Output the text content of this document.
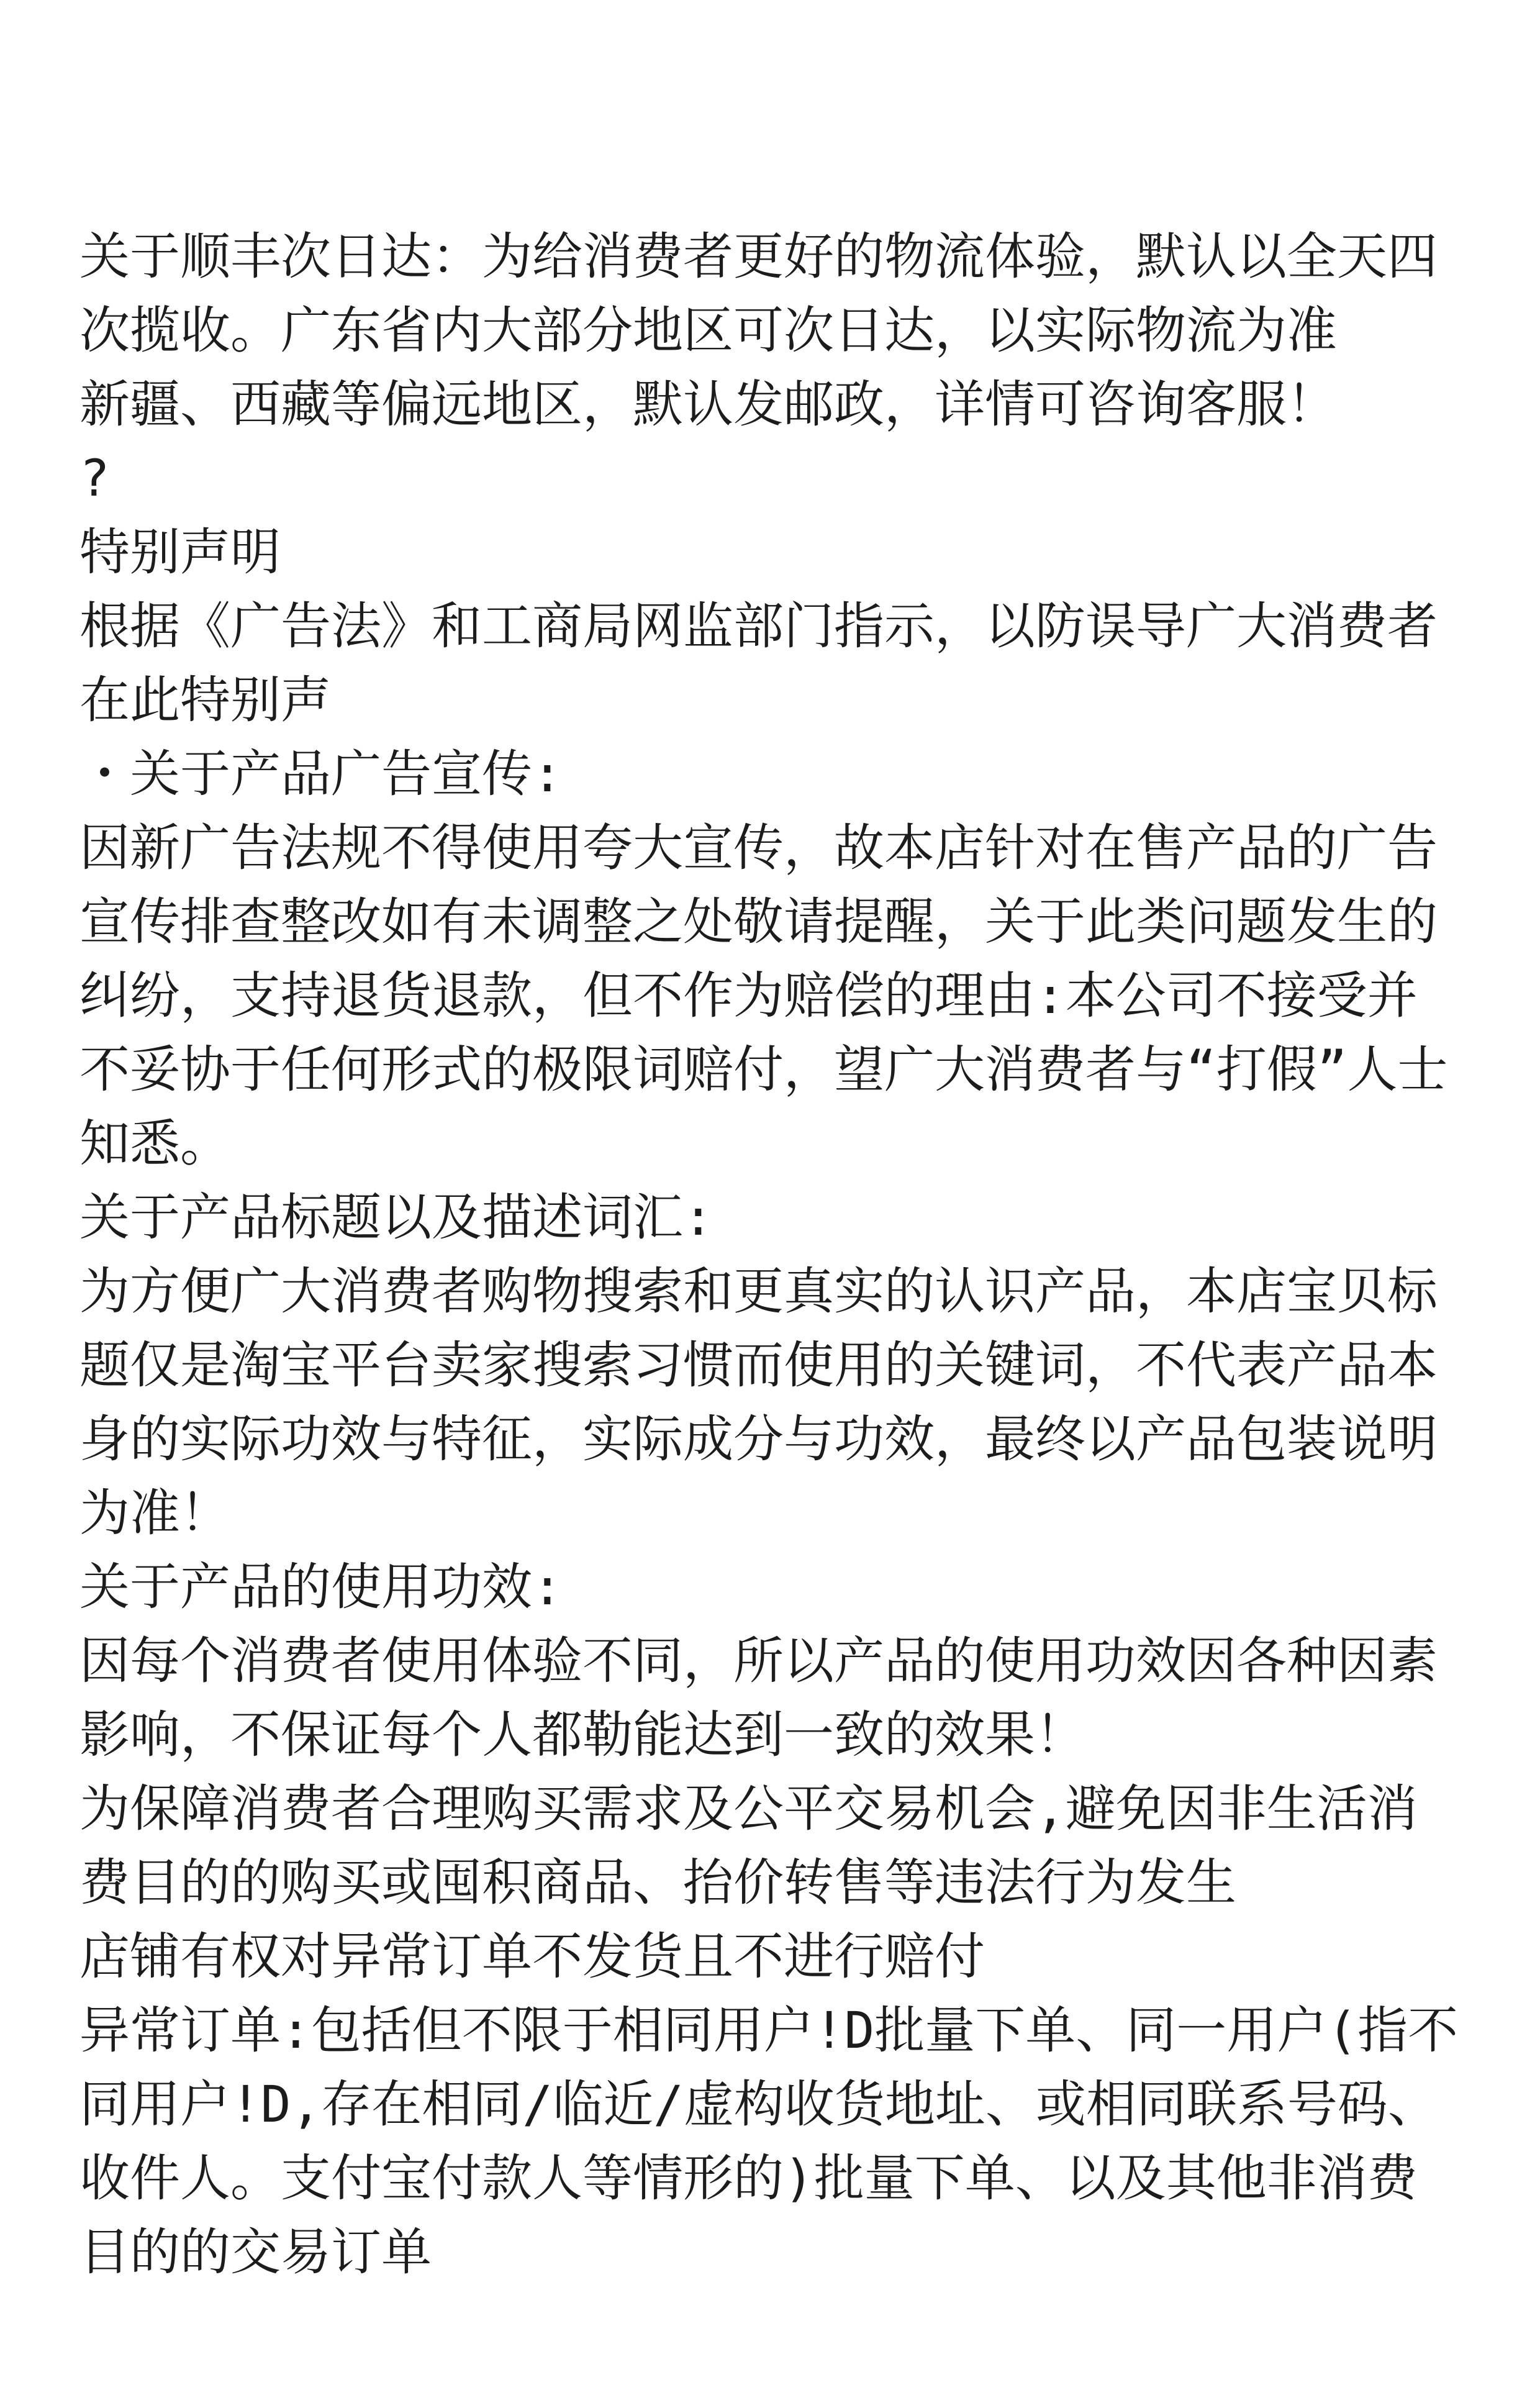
关于顺丰次日达：为给消费者更好的物流体验，默认以全天四次揽收。广东省内大部分地区可次日达，以实际物流为准

新疆、西藏等偏远地区，默认发邮政，详情可咨询客服！

?

特别声明

根据《广告法》和工商局网监部门指示，以防误导广大消费者在此特别声

・关于产品广告宣传:

因新广告法规不得使用夸大宣传，故本店针对在售产品的广告宣传排查整改如有未调整之处敬请提醒，关于此类问题发生的纠纷，支持退货退款，但不作为赔偿的理由:本公司不接受并不妥协于任何形式的极限词赔付，望广大消费者与“打假”人士知悉。

关于产品标题以及描述词汇:

为方便广大消费者购物搜索和更真实的认识产品，本店宝贝标题仅是淘宝平台卖家搜索习惯而使用的关键词，不代表产品本身的实际功效与特征，实际成分与功效，最终以产品包装说明为准！

关于产品的使用功效:

因每个消费者使用体验不同，所以产品的使用功效因各种因素影响，不保证每个人都勒能达到一致的效果！

为保障消费者合理购买需求及公平交易机会,避免因非生活消费目的的购买或囤积商品、抬价转售等违法行为发生

店铺有权对异常订单不发货且不进行赔付

异常订单:包括但不限于相同用户!D批量下单、同一用户(指不同用户!D,存在相同/临近/虚构收货地址、或相同联系号码、收件人。支付宝付款人等情形的)批量下单、以及其他非消费目的的交易订单
